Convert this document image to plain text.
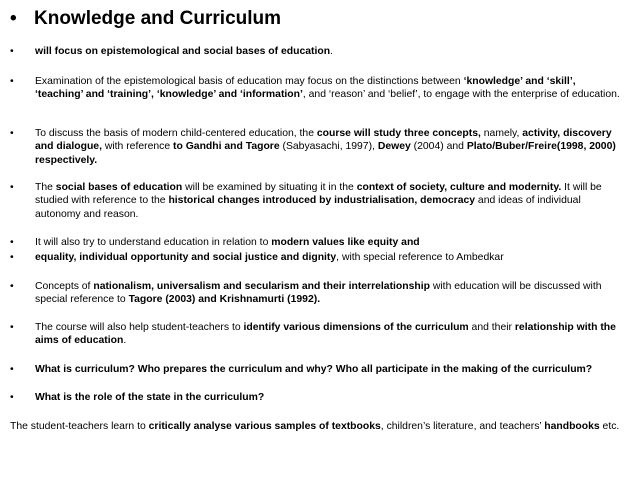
• Knowledge and Curriculum
•	will focus on epistemological and social bases of education.
•	Examination of the epistemological basis of education may focus on the distinctions between ‘knowledge’ and ‘skill’, ‘teaching’ and ‘training’, ‘knowledge’ and ‘information’, and ‘reason’ and ‘belief’, to engage with the enterprise of education.
•	To discuss the basis of modern child-centered education, the course will study three concepts, namely, activity, discovery and dialogue, with reference to Gandhi and Tagore (Sabyasachi, 1997), Dewey (2004) and Plato/Buber/Freire(1998, 2000) respectively.
•	The social bases of education will be examined by situating it in the context of society, culture and modernity. It will be studied with reference to the historical changes introduced by industrialisation, democracy and ideas of individual autonomy and reason.
•	It will also try to understand education in relation to modern values like equity and
•	equality, individual opportunity and social justice and dignity, with special reference to Ambedkar
•	Concepts of nationalism, universalism and secularism and their interrelationship with education will be discussed with special reference to Tagore (2003) and Krishnamurti (1992).
•	The course will also help student-teachers to identify various dimensions of the curriculum and their relationship with the aims of education.
•	What is curriculum? Who prepares the curriculum and why? Who all participate in the making of the curriculum?
•	What is the role of the state in the curriculum?
The student-teachers learn to critically analyse various samples of textbooks, children’s literature, and teachers’ handbooks etc.
